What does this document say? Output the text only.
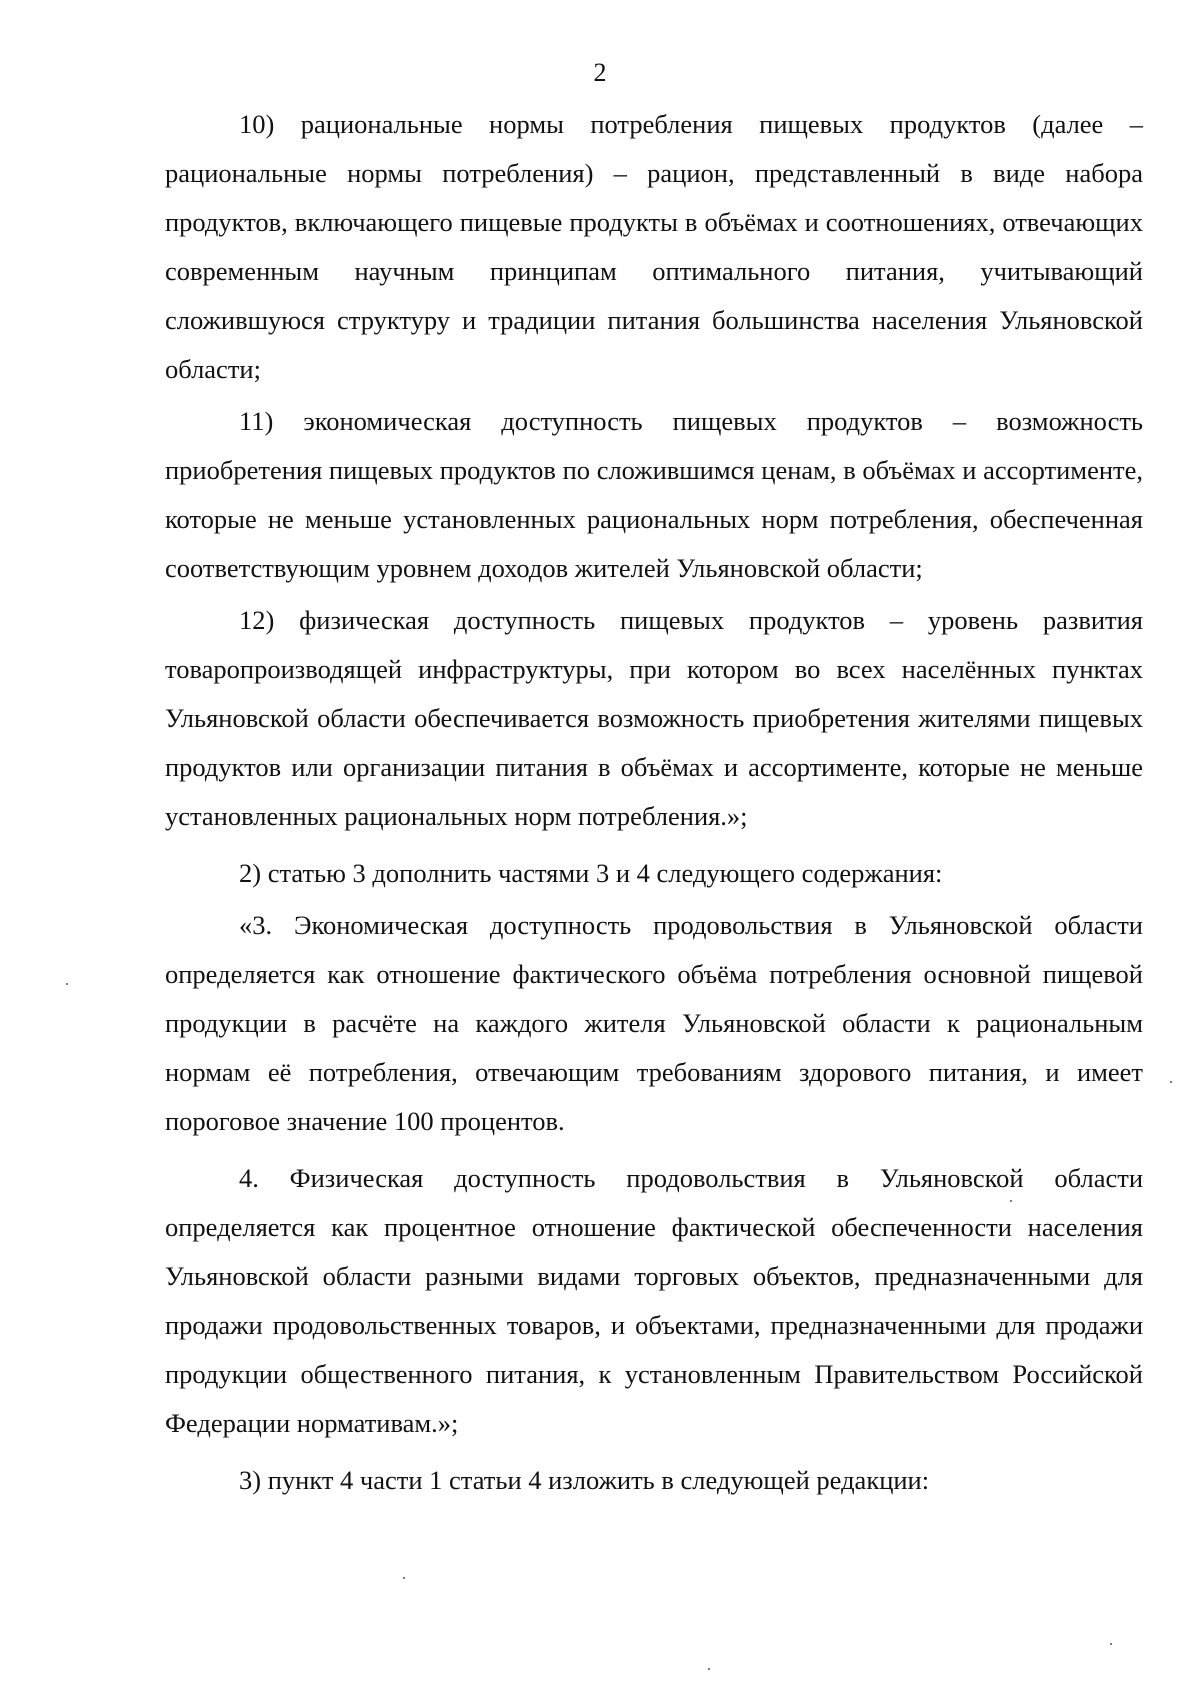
2

10) рациональные нормы потребления пищевых продуктов (далее – рациональные нормы потребления) – рацион, представленный в виде набора продуктов, включающего пищевые продукты в объёмах и соотношениях, отвечающих современным научным принципам оптимального питания, учитывающий сложившуюся структуру и традиции питания большинства населения Ульяновской области;

11) экономическая доступность пищевых продуктов – возможность приобретения пищевых продуктов по сложившимся ценам, в объёмах и ассортименте, которые не меньше установленных рациональных норм потребления, обеспеченная соответствующим уровнем доходов жителей Ульяновской области;

12) физическая доступность пищевых продуктов – уровень развития товаропроизводящей инфраструктуры, при котором во всех населённых пунктах Ульяновской области обеспечивается возможность приобретения жителями пищевых продуктов или организации питания в объёмах и ассортименте, которые не меньше установленных рациональных норм потребления.»;

2) статью 3 дополнить частями 3 и 4 следующего содержания:

«3. Экономическая доступность продовольствия в Ульяновской области определяется как отношение фактического объёма потребления основной пищевой продукции в расчёте на каждого жителя Ульяновской области к рациональным нормам её потребления, отвечающим требованиям здорового питания, и имеет пороговое значение 100 процентов.

4. Физическая доступность продовольствия в Ульяновской области определяется как процентное отношение фактической обеспеченности населения Ульяновской области разными видами торговых объектов, предназначенными для продажи продовольственных товаров, и объектами, предназначенными для продажи продукции общественного питания, к установленным Правительством Российской Федерации нормативам.»;

3) пункт 4 части 1 статьи 4 изложить в следующей редакции:
